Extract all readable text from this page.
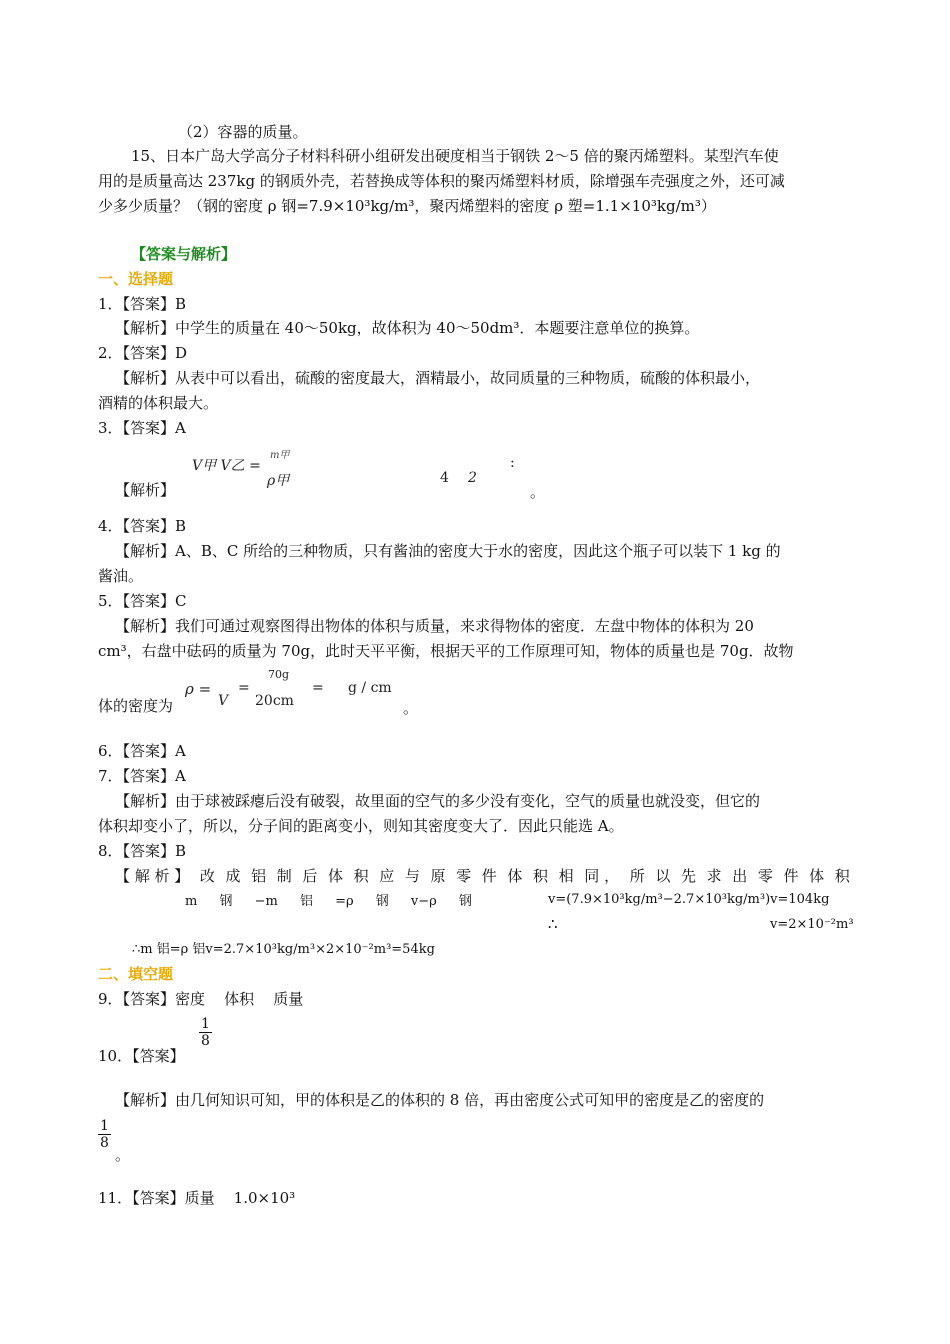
（2）容器的质量。
15、日本广岛大学高分子材料科研小组研发出硬度相当于钢铁 2～5 倍的聚丙烯塑料。某型汽车使
用的是质量高达 237kg 的钢质外壳，若替换成等体积的聚丙烯塑料材质，除增强车壳强度之外，还可减
少多少质量？（钢的密度 ρ 钢=7.9×10³kg/m³，聚丙烯塑料的密度 ρ 塑=1.1×10³kg/m³）
【答案与解析】
一、选择题
1．【答案】B
【解析】中学生的质量在 40～50kg，故体积为 40～50dm³．本题要注意单位的换算。
2．【答案】D
【解析】从表中可以看出，硫酸的密度最大，酒精最小，故同质量的三种物质，硫酸的体积最小，
酒精的体积最大。
3．【答案】A
V甲 V乙 =
m甲
ρ甲	4 2
:
【解析】	。
4．【答案】B
【解析】A、B、C 所给的三种物质，只有酱油的密度大于水的密度，因此这个瓶子可以装下 1 kg 的
酱油。
5．【答案】C
【解析】我们可通过观察图得出物体的体积与质量，来求得物体的密度．左盘中物体的体积为 20
cm³，右盘中砝码的质量为 70g，此时天平平衡，根据天平的工作原理可知，物体的质量也是 70g．故物
ρ =
V
=
70g
20cm
= g / cm
体的密度为	。
6．【答案】A
7．【答案】A
【解析】由于球被踩瘪后没有破裂，故里面的空气的多少没有变化，空气的质量也就没变，但它的
体积却变小了，所以，分子间的距离变小，则知其密度变大了．因此只能选 A。
8．【答案】B
【 解 析 】 改 成 铝 制 后 体 积 应 与 原 零 件 体 积 相 同 ， 所 以 先 求 出 零 件 体 积
m 钢 −m 铝 =ρ 钢 v−ρ 钢	v=(7.9×10³kg/m³−2.7×10³kg/m³)v=104kg
∴	v=2×10⁻²m³
∴m 铝=ρ 铝v=2.7×10³kg/m³×2×10⁻²m³=54kg
二、填空题
9．【答案】密度    体积    质量
10．【答案】
$\frac{1}{8}$
【解析】由几何知识可知，甲的体积是乙的体积的 8 倍，再由密度公式可知甲的密度是乙的密度的
$\frac{1}{8}$
。
11．【答案】质量    1.0×10³
